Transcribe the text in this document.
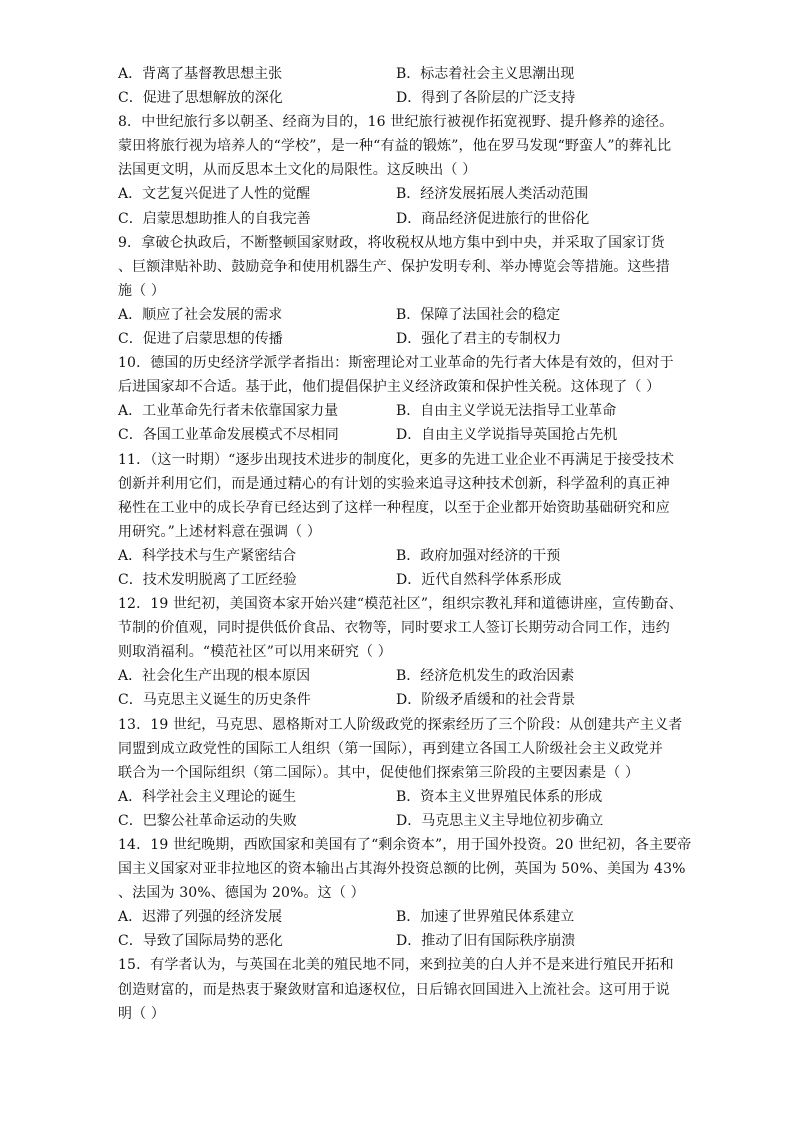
A．背离了基督教思想主张	B．标志着社会主义思潮出现
C．促进了思想解放的深化	D．得到了各阶层的广泛支持
8．中世纪旅行多以朝圣、经商为目的，16 世纪旅行被视作拓宽视野、提升修养的途径。
蒙田将旅行视为培养人的“学校”，是一种“有益的锻炼”，他在罗马发现“野蛮人”的葬礼比
法国更文明，从而反思本土文化的局限性。这反映出（ ）
A．文艺复兴促进了人性的觉醒	B．经济发展拓展人类活动范围
C．启蒙思想助推人的自我完善	D．商品经济促进旅行的世俗化
9．拿破仑执政后，不断整顿国家财政，将收税权从地方集中到中央，并采取了国家订货
、巨额津贴补助、鼓励竞争和使用机器生产、保护发明专利、举办博览会等措施。这些措
施（ ）
A．顺应了社会发展的需求	B．保障了法国社会的稳定
C．促进了启蒙思想的传播	D．强化了君主的专制权力
10．德国的历史经济学派学者指出：斯密理论对工业革命的先行者大体是有效的，但对于
后进国家却不合适。基于此，他们提倡保护主义经济政策和保护性关税。这体现了（ ）
A．工业革命先行者未依靠国家力量	B．自由主义学说无法指导工业革命
C．各国工业革命发展模式不尽相同	D．自由主义学说指导英国抢占先机
11．（这一时期）“逐步出现技术进步的制度化，更多的先进工业企业不再满足于接受技术
创新并利用它们，而是通过精心的有计划的实验来追寻这种技术创新，科学盈利的真正神
秘性在工业中的成长孕育已经达到了这样一种程度，以至于企业都开始资助基础研究和应
用研究。”上述材料意在强调（ ）
A．科学技术与生产紧密结合	B．政府加强对经济的干预
C．技术发明脱离了工匠经验	D．近代自然科学体系形成
12．19 世纪初，美国资本家开始兴建“模范社区”，组织宗教礼拜和道德讲座，宣传勤奋、
节制的价值观，同时提供低价食品、衣物等，同时要求工人签订长期劳动合同工作，违约
则取消福利。“模范社区”可以用来研究（ ）
A．社会化生产出现的根本原因	B．经济危机发生的政治因素
C．马克思主义诞生的历史条件	D．阶级矛盾缓和的社会背景
13．19 世纪，马克思、恩格斯对工人阶级政党的探索经历了三个阶段：从创建共产主义者
同盟到成立政党性的国际工人组织（第一国际），再到建立各国工人阶级社会主义政党并
联合为一个国际组织（第二国际）。其中，促使他们探索第三阶段的主要因素是（ ）
A．科学社会主义理论的诞生	B．资本主义世界殖民体系的形成
C．巴黎公社革命运动的失败	D．马克思主义主导地位初步确立
14．19 世纪晚期，西欧国家和美国有了“剩余资本”，用于国外投资。20 世纪初，各主要帝
国主义国家对亚非拉地区的资本输出占其海外投资总额的比例，英国为 50%、美国为 43%
、法国为 30%、德国为 20%。这（ ）
A．迟滞了列强的经济发展	B．加速了世界殖民体系建立
C．导致了国际局势的恶化	D．推动了旧有国际秩序崩溃
15．有学者认为，与英国在北美的殖民地不同，来到拉美的白人并不是来进行殖民开拓和
创造财富的，而是热衷于聚敛财富和追逐权位，日后锦衣回国进入上流社会。这可用于说
明（ ）
